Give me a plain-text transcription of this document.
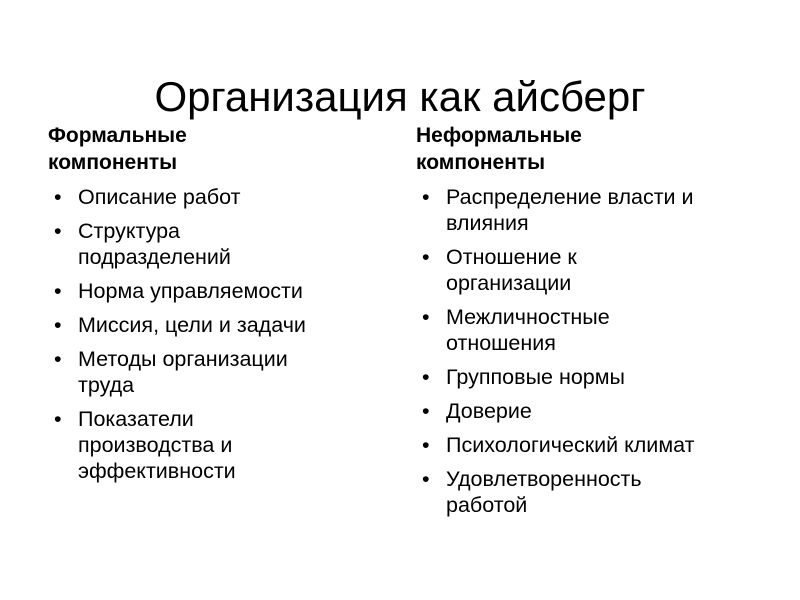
Организация как айсберг
Формальные
компоненты
• Описание работ
• Структура
подразделений
• Норма управляемости
• Миссия, цели и задачи
• Методы организации
труда
• Показатели
производства и
эффективности
Неформальные
компоненты
• Распределение власти и
влияния
• Отношение к
организации
• Межличностные
отношения
• Групповые нормы
• Доверие
• Психологический климат
• Удовлетворенность
работой
